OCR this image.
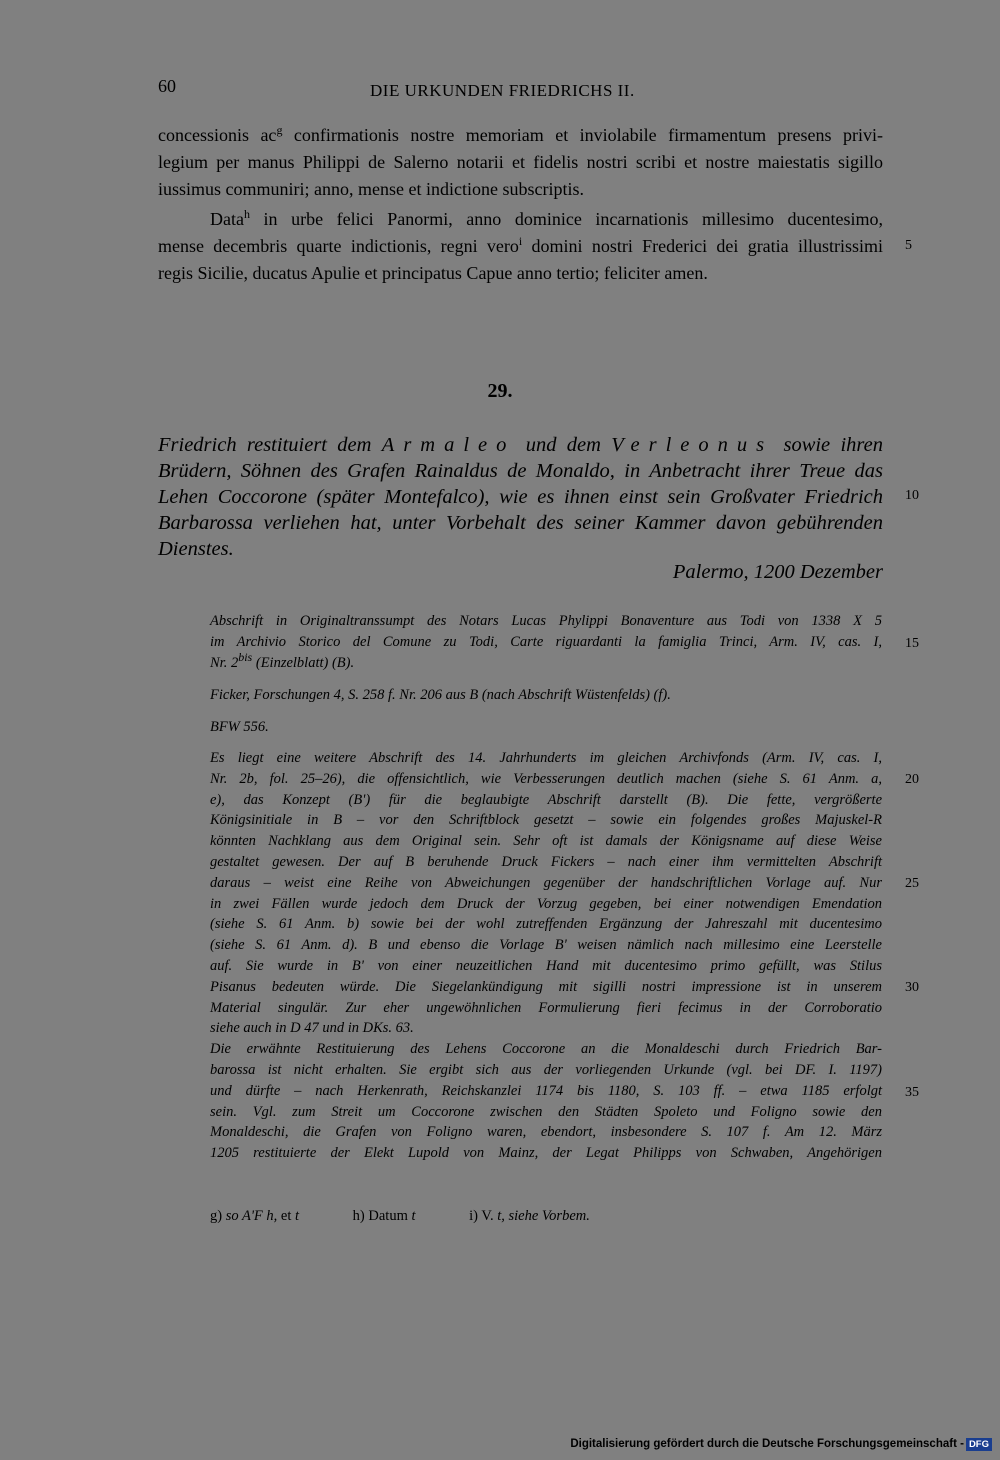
60	DIE URKUNDEN FRIEDRICHS II.
concessionis $ac^g$ confirmationis nostre memoriam et inviolabile firmamentum presens privi-
legium per manus Philippi de Salerno notarii et fidelis nostri scribi et nostre maiestatis sigillo
iussimus communiri; anno, mense et indictione subscriptis.
Data$^h$ in urbe felici Panormi, anno dominice incarnationis millesimo ducentesimo,
mense decembris quarte indictionis, regni vero$^i$ domini nostri Frederici dei gratia illustrissimi
regis Sicilie, ducatus Apulie et principatus Capue anno tertio; feliciter amen.
5
10
15
20
25
30
35
29.
Friedrich restituiert dem Armaleo und dem Verleonus sowie ihren
Brüdern, Söhnen des Grafen Rainaldus de Monaldo, in Anbetracht ihrer Treue das
Lehen Coccorone (später Montefalco), wie es ihnen einst sein Großvater Friedrich
Barbarossa verliehen hat, unter Vorbehalt des seiner Kammer davon gebührenden
Dienstes.
Palermo, 1200 Dezember
Abschrift in Originaltranssumpt des Notars Lucas Phylippi Bonaventure aus Todi von 1338 X 5
im Archivio Storico del Comune zu Todi, Carte riguardanti la famiglia Trinci, Arm. IV, cas. I,
Nr. $2^{bis}$ (Einzelblatt) (B).
Ficker, Forschungen 4, S. 258 f. Nr. 206 aus B (nach Abschrift Wüstenfelds) (f).
BFW 556.
Es liegt eine weitere Abschrift des 14. Jahrhunderts im gleichen Archivfonds (Arm. IV, cas. I,
Nr. 2b, fol. 25–26), die offensichtlich, wie Verbesserungen deutlich machen (siehe S. 61 Anm. a,
e), das Konzept (B') für die beglaubigte Abschrift darstellt (B). Die fette, vergrößerte
Königsinitiale in B – vor den Schriftblock gesetzt – sowie ein folgendes großes Majuskel-R
könnten Nachklang aus dem Original sein. Sehr oft ist damals der Königsname auf diese Weise
gestaltet gewesen. Der auf B beruhende Druck Fickers – nach einer ihm vermittelten Abschrift
daraus – weist eine Reihe von Abweichungen gegenüber der handschriftlichen Vorlage auf. Nur
in zwei Fällen wurde jedoch dem Druck der Vorzug gegeben, bei einer notwendigen Emendation
(siehe S. 61 Anm. b) sowie bei der wohl zutreffenden Ergänzung der Jahreszahl mit ducentesimo
(siehe S. 61 Anm. d). B und ebenso die Vorlage B' weisen nämlich nach millesimo eine Leerstelle
auf. Sie wurde in B' von einer neuzeitlichen Hand mit ducentesimo primo gefüllt, was Stilus
Pisanus bedeuten würde. Die Siegelankündigung mit sigilli nostri impressione ist in unserem
Material singulär. Zur eher ungewöhnlichen Formulierung fieri fecimus in der Corroboratio
siehe auch in D 47 und in DKs. 63.
Die erwähnte Restituierung des Lehens Coccorone an die Monaldeschi durch Friedrich Bar-
barossa ist nicht erhalten. Sie ergibt sich aus der vorliegenden Urkunde (vgl. bei DF. I. 1197)
und dürfte – nach Herkenrath, Reichskanzlei 1174 bis 1180, S. 103 ff. – etwa 1185 erfolgt
sein. Vgl. zum Streit um Coccorone zwischen den Städten Spoleto und Foligno sowie den
Monaldeschi, die Grafen von Foligno waren, ebendort, insbesondere S. 107 f. Am 12. März
1205 restituierte der Elekt Lupold von Mainz, der Legat Philipps von Schwaben, Angehörigen
g) so A'F h, et t	h) Datum t	i) V. t, siehe Vorbem.
Digitalisierung gefördert durch die Deutsche Forschungsgemeinschaft - DFG
